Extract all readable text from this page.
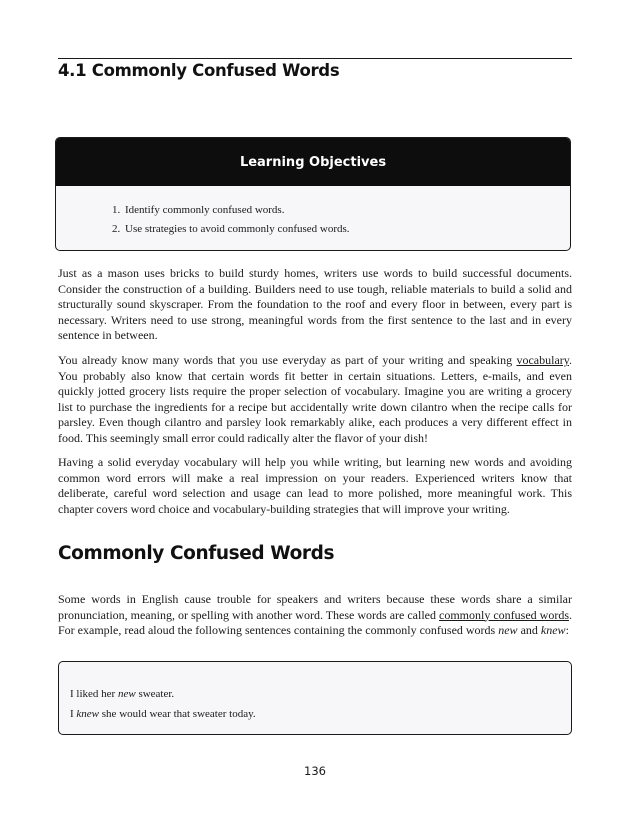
4.1 Commonly Confused Words
Learning Objectives
1. Identify commonly confused words.
2. Use strategies to avoid commonly confused words.

Just as a mason uses bricks to build sturdy homes, writers use words to build successful documents. Consider the construction of a building. Builders need to use tough, reliable materials to build a solid and structurally sound skyscraper. From the foundation to the roof and every floor in between, every part is necessary. Writers need to use strong, meaningful words from the first sentence to the last and in every sentence in between.

You already know many words that you use everyday as part of your writing and speaking vocabulary. You probably also know that certain words fit better in certain situations. Letters, e-mails, and even quickly jotted grocery lists require the proper selection of vocabulary. Imagine you are writing a grocery list to purchase the ingredients for a recipe but accidentally write down cilantro when the recipe calls for parsley. Even though cilantro and parsley look remarkably alike, each produces a very different effect in food. This seemingly small error could radically alter the flavor of your dish!

Having a solid everyday vocabulary will help you while writing, but learning new words and avoiding common word errors will make a real impression on your readers. Experienced writers know that deliberate, careful word selection and usage can lead to more polished, more meaningful work. This chapter covers word choice and vocabulary-building strategies that will improve your writing.

Commonly Confused Words

Some words in English cause trouble for speakers and writers because these words share a similar pronunciation, meaning, or spelling with another word. These words are called commonly confused words. For example, read aloud the following sentences containing the commonly confused words new and knew:

I liked her new sweater.
I knew she would wear that sweater today.
136
